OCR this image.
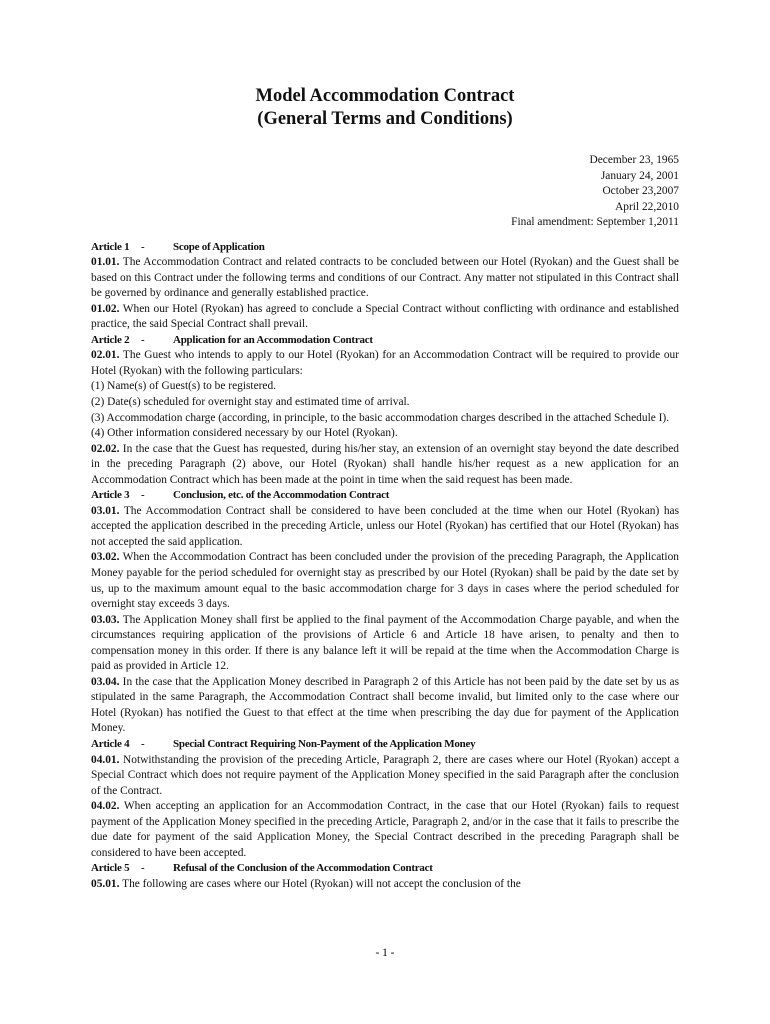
Model Accommodation Contract
(General Terms and Conditions)
December 23, 1965
January 24, 2001
October 23,2007
April 22,2010
Final amendment: September 1,2011
Article 1	-	Scope of Application

01.01. The Accommodation Contract and related contracts to be concluded between our Hotel (Ryokan) and the Guest shall be based on this Contract under the following terms and conditions of our Contract. Any matter not stipulated in this Contract shall be governed by ordinance and generally established practice.

01.02. When our Hotel (Ryokan) has agreed to conclude a Special Contract without conflicting with ordinance and established practice, the said Special Contract shall prevail.

Article 2	-	Application for an Accommodation Contract

02.01. The Guest who intends to apply to our Hotel (Ryokan) for an Accommodation Contract will be required to provide our Hotel (Ryokan) with the following particulars:

(1) Name(s) of Guest(s) to be registered.

(2) Date(s) scheduled for overnight stay and estimated time of arrival.

(3) Accommodation charge (according, in principle, to the basic accommodation charges described in the attached Schedule I).

(4) Other information considered necessary by our Hotel (Ryokan).

02.02. In the case that the Guest has requested, during his/her stay, an extension of an overnight stay beyond the date described in the preceding Paragraph (2) above, our Hotel (Ryokan) shall handle his/her request as a new application for an Accommodation Contract which has been made at the point in time when the said request has been made.

Article 3	-	Conclusion, etc. of the Accommodation Contract

03.01. The Accommodation Contract shall be considered to have been concluded at the time when our Hotel (Ryokan) has accepted the application described in the preceding Article, unless our Hotel (Ryokan) has certified that our Hotel (Ryokan) has not accepted the said application.

03.02. When the Accommodation Contract has been concluded under the provision of the preceding Paragraph, the Application Money payable for the period scheduled for overnight stay as prescribed by our Hotel (Ryokan) shall be paid by the date set by us, up to the maximum amount equal to the basic accommodation charge for 3 days in cases where the period scheduled for overnight stay exceeds 3 days.

03.03. The Application Money shall first be applied to the final payment of the Accommodation Charge payable, and when the circumstances requiring application of the provisions of Article 6 and Article 18 have arisen, to penalty and then to compensation money in this order. If there is any balance left it will be repaid at the time when the Accommodation Charge is paid as provided in Article 12.

03.04. In the case that the Application Money described in Paragraph 2 of this Article has not been paid by the date set by us as stipulated in the same Paragraph, the Accommodation Contract shall become invalid, but limited only to the case where our Hotel (Ryokan) has notified the Guest to that effect at the time when prescribing the day due for payment of the Application Money.

Article 4	-	Special Contract Requiring Non-Payment of the Application Money

04.01. Notwithstanding the provision of the preceding Article, Paragraph 2, there are cases where our Hotel (Ryokan) accept a Special Contract which does not require payment of the Application Money specified in the said Paragraph after the conclusion of the Contract.

04.02. When accepting an application for an Accommodation Contract, in the case that our Hotel (Ryokan) fails to request payment of the Application Money specified in the preceding Article, Paragraph 2, and/or in the case that it fails to prescribe the due date for payment of the said Application Money, the Special Contract described in the preceding Paragraph shall be considered to have been accepted.

Article 5	-	Refusal of the Conclusion of the Accommodation Contract

05.01. The following are cases where our Hotel (Ryokan) will not accept the conclusion of the

- 1 -
